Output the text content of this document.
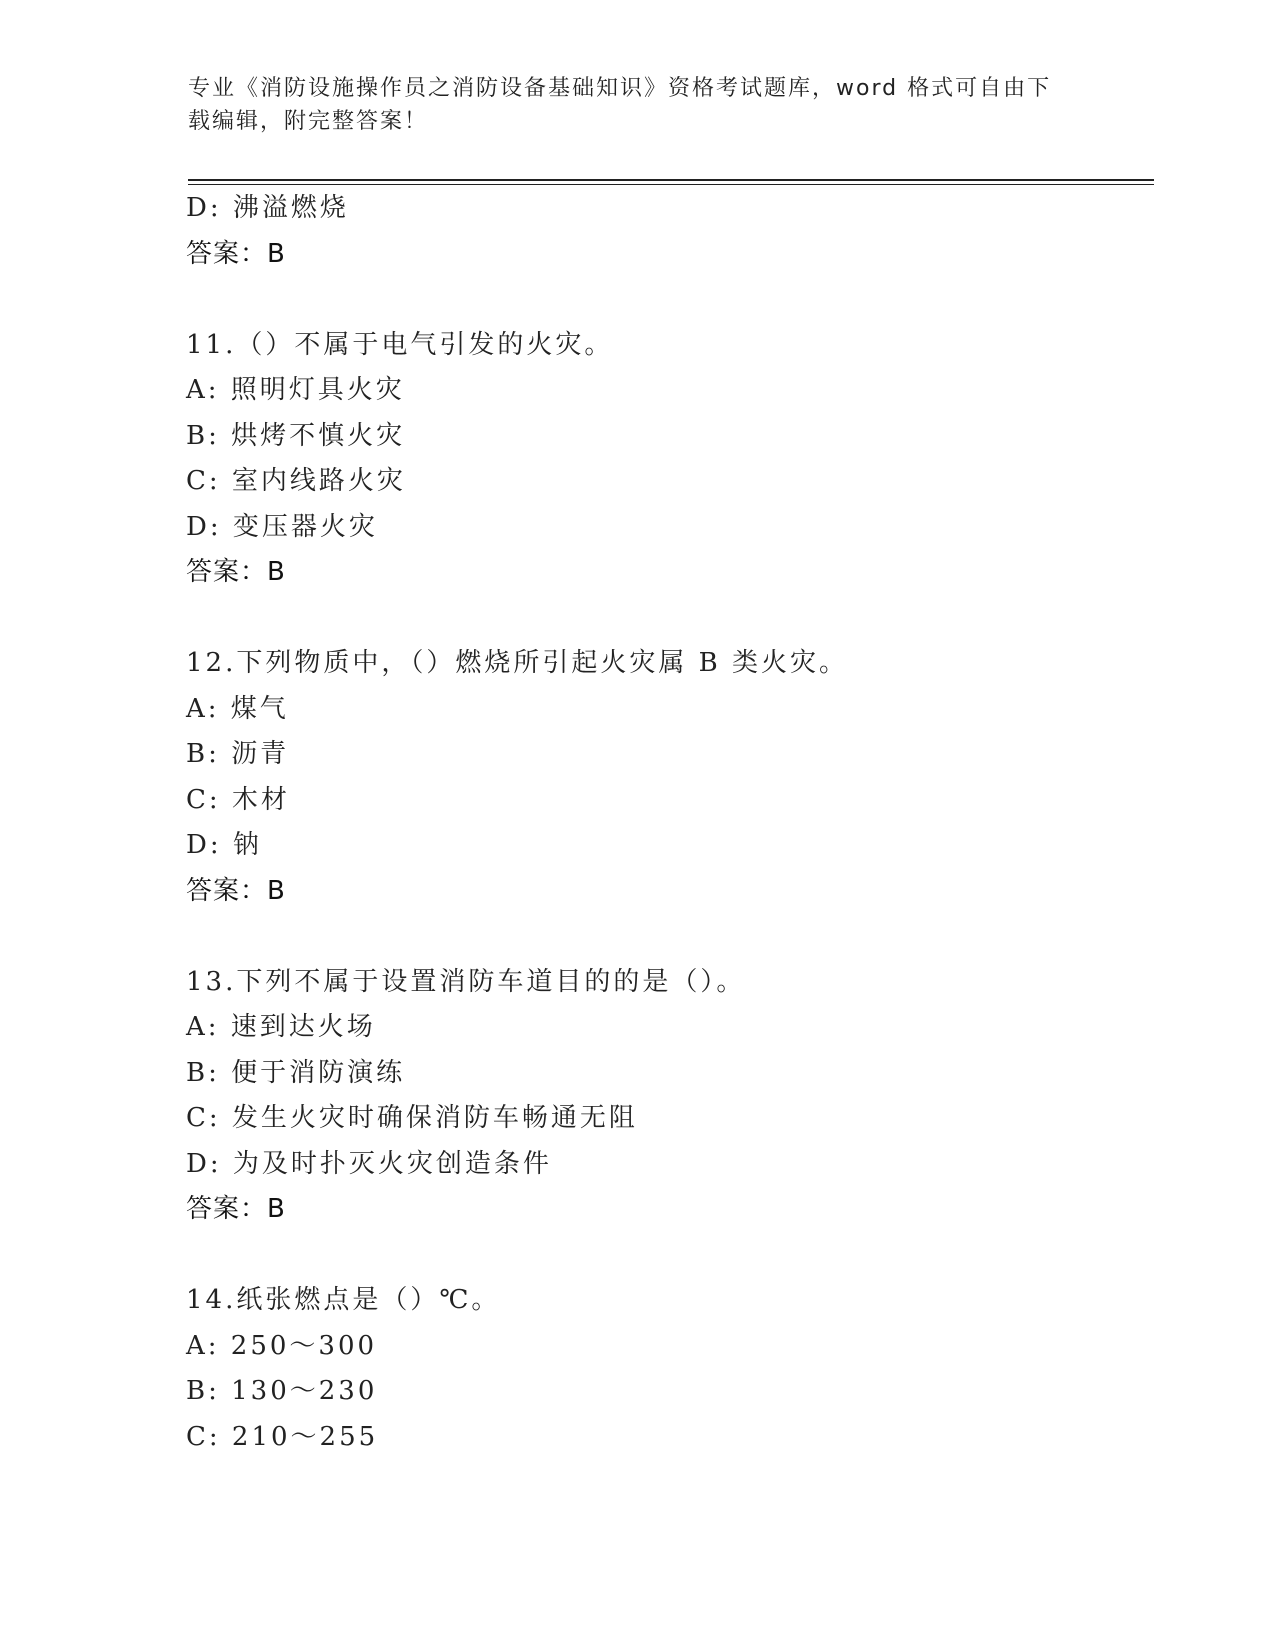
专业《消防设施操作员之消防设备基础知识》资格考试题库，word 格式可自由下
载编辑，附完整答案！
D: 沸溢燃烧
答案：B
11.（）不属于电气引发的火灾。
A: 照明灯具火灾
B: 烘烤不慎火灾
C: 室内线路火灾
D: 变压器火灾
答案：B
12.下列物质中，（）燃烧所引起火灾属 B 类火灾。
A: 煤气
B: 沥青
C: 木材
D: 钠
答案：B
13.下列不属于设置消防车道目的的是（）。
A: 速到达火场
B: 便于消防演练
C: 发生火灾时确保消防车畅通无阻
D: 为及时扑灭火灾创造条件
答案：B
14.纸张燃点是（）℃。
A: 250～300
B: 130～230
C: 210～255
